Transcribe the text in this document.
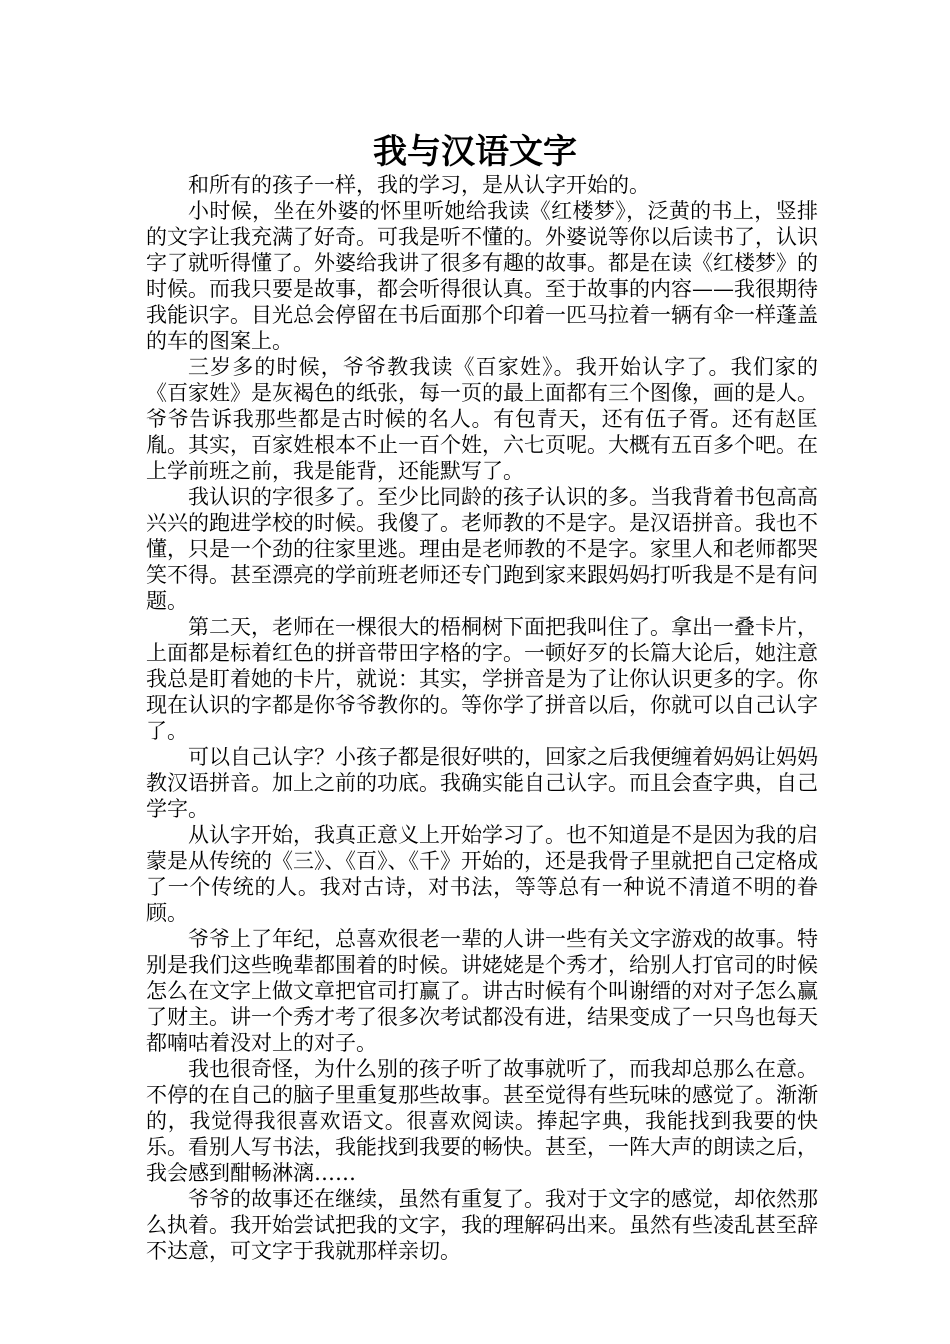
我与汉语文字

和所有的孩子一样，我的学习，是从认字开始的。

小时候，坐在外婆的怀里听她给我读《红楼梦》，泛黄的书上，竖排的文字让我充满了好奇。可我是听不懂的。外婆说等你以后读书了，认识字了就听得懂了。外婆给我讲了很多有趣的故事。都是在读《红楼梦》的时候。而我只要是故事，都会听得很认真。至于故事的内容——我很期待我能识字。目光总会停留在书后面那个印着一匹马拉着一辆有伞一样蓬盖的车的图案上。

三岁多的时候，爷爷教我读《百家姓》。我开始认字了。我们家的《百家姓》是灰褐色的纸张，每一页的最上面都有三个图像，画的是人。爷爷告诉我那些都是古时候的名人。有包青天，还有伍子胥。还有赵匡胤。其实，百家姓根本不止一百个姓，六七页呢。大概有五百多个吧。在上学前班之前，我是能背，还能默写了。

我认识的字很多了。至少比同龄的孩子认识的多。当我背着书包高高兴兴的跑进学校的时候。我傻了。老师教的不是字。是汉语拼音。我也不懂，只是一个劲的往家里逃。理由是老师教的不是字。家里人和老师都哭笑不得。甚至漂亮的学前班老师还专门跑到家来跟妈妈打听我是不是有问题。

第二天，老师在一棵很大的梧桐树下面把我叫住了。拿出一叠卡片，上面都是标着红色的拼音带田字格的字。一顿好歹的长篇大论后，她注意我总是盯着她的卡片，就说：其实，学拼音是为了让你认识更多的字。你现在认识的字都是你爷爷教你的。等你学了拼音以后，你就可以自己认字了。

可以自己认字？小孩子都是很好哄的，回家之后我便缠着妈妈让妈妈教汉语拼音。加上之前的功底。我确实能自己认字。而且会查字典，自己学字。

从认字开始，我真正意义上开始学习了。也不知道是不是因为我的启蒙是从传统的《三》、《百》、《千》开始的，还是我骨子里就把自己定格成了一个传统的人。我对古诗，对书法，等等总有一种说不清道不明的眷顾。

爷爷上了年纪，总喜欢很老一辈的人讲一些有关文字游戏的故事。特别是我们这些晚辈都围着的时候。讲姥姥是个秀才，给别人打官司的时候怎么在文字上做文章把官司打赢了。讲古时候有个叫谢缙的对对子怎么赢了财主。讲一个秀才考了很多次考试都没有进，结果变成了一只鸟也每天都喃咕着没对上的对子。

我也很奇怪，为什么别的孩子听了故事就听了，而我却总那么在意。不停的在自己的脑子里重复那些故事。甚至觉得有些玩味的感觉了。渐渐的，我觉得我很喜欢语文。很喜欢阅读。捧起字典，我能找到我要的快乐。看别人写书法，我能找到我要的畅快。甚至，一阵大声的朗读之后，我会感到酣畅淋漓……

爷爷的故事还在继续，虽然有重复了。我对于文字的感觉，却依然那么执着。我开始尝试把我的文字，我的理解码出来。虽然有些凌乱甚至辞不达意，可文字于我就那样亲切。
